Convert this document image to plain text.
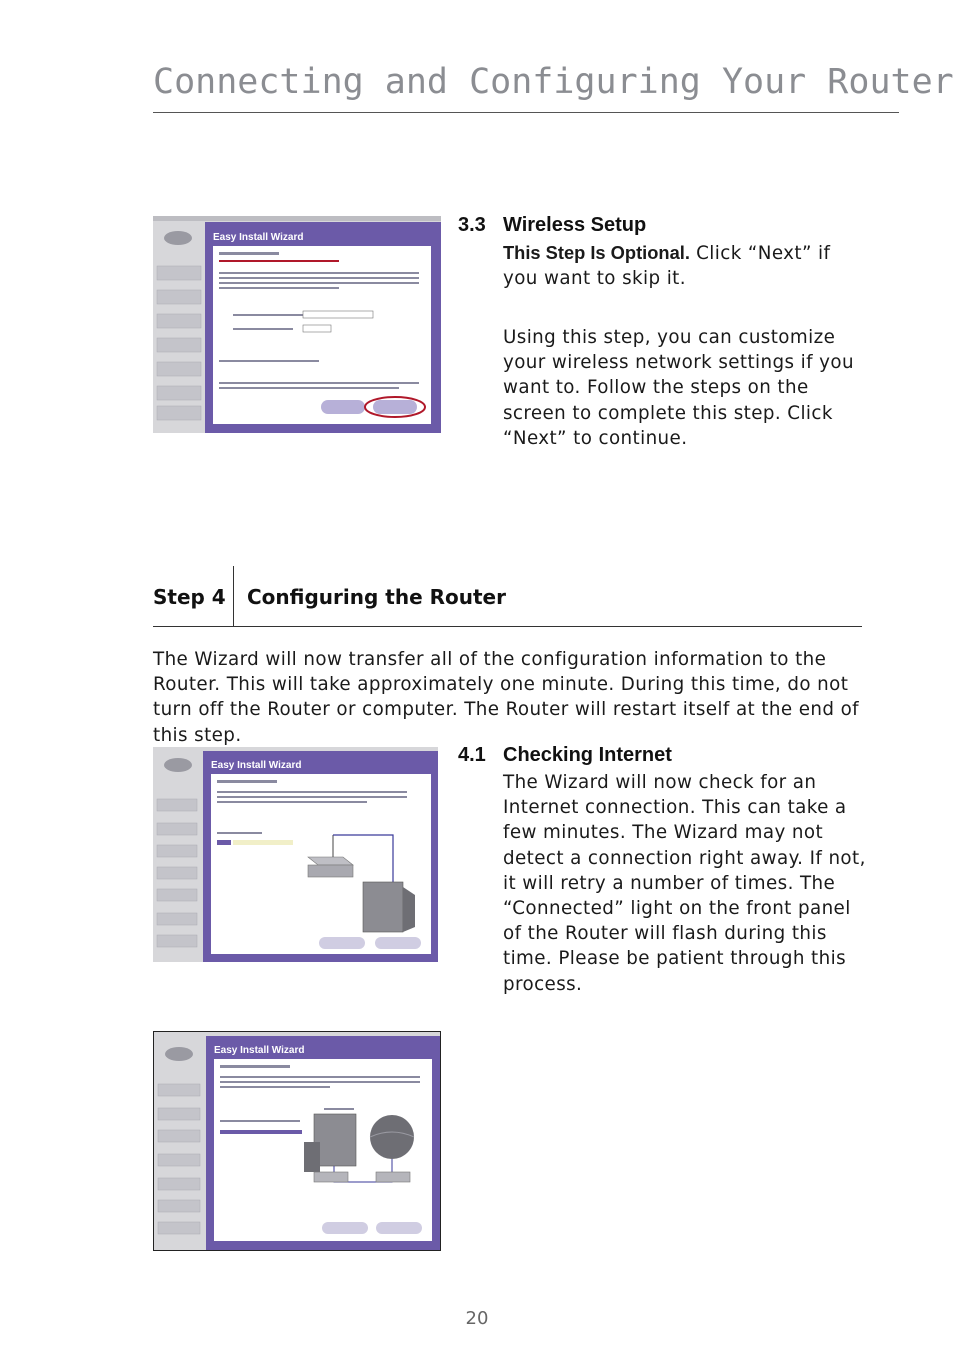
Connecting and Configuring Your Router
Easy Install Wizard
3.3 Wireless Setup
This Step Is Optional. Click “Next” if you want to skip it.
Using this step, you can customize your wireless network settings if you want to. Follow the steps on the screen to complete this step. Click “Next” to continue.
Step 4 Configuring the Router
The Wizard will now transfer all of the configuration information to the Router. This will take approximately one minute. During this time, do not turn off the Router or computer. The Router will restart itself at the end of this step.
Easy Install Wizard	4.1 Checking Internet
The Wizard will now check for an Internet connection. This can take a few minutes. The Wizard may not detect a connection right away. If not, it will retry a number of times. The “Connected” light on the front panel of the Router will flash during this time. Please be patient through this process.
Easy Install Wizard
20
